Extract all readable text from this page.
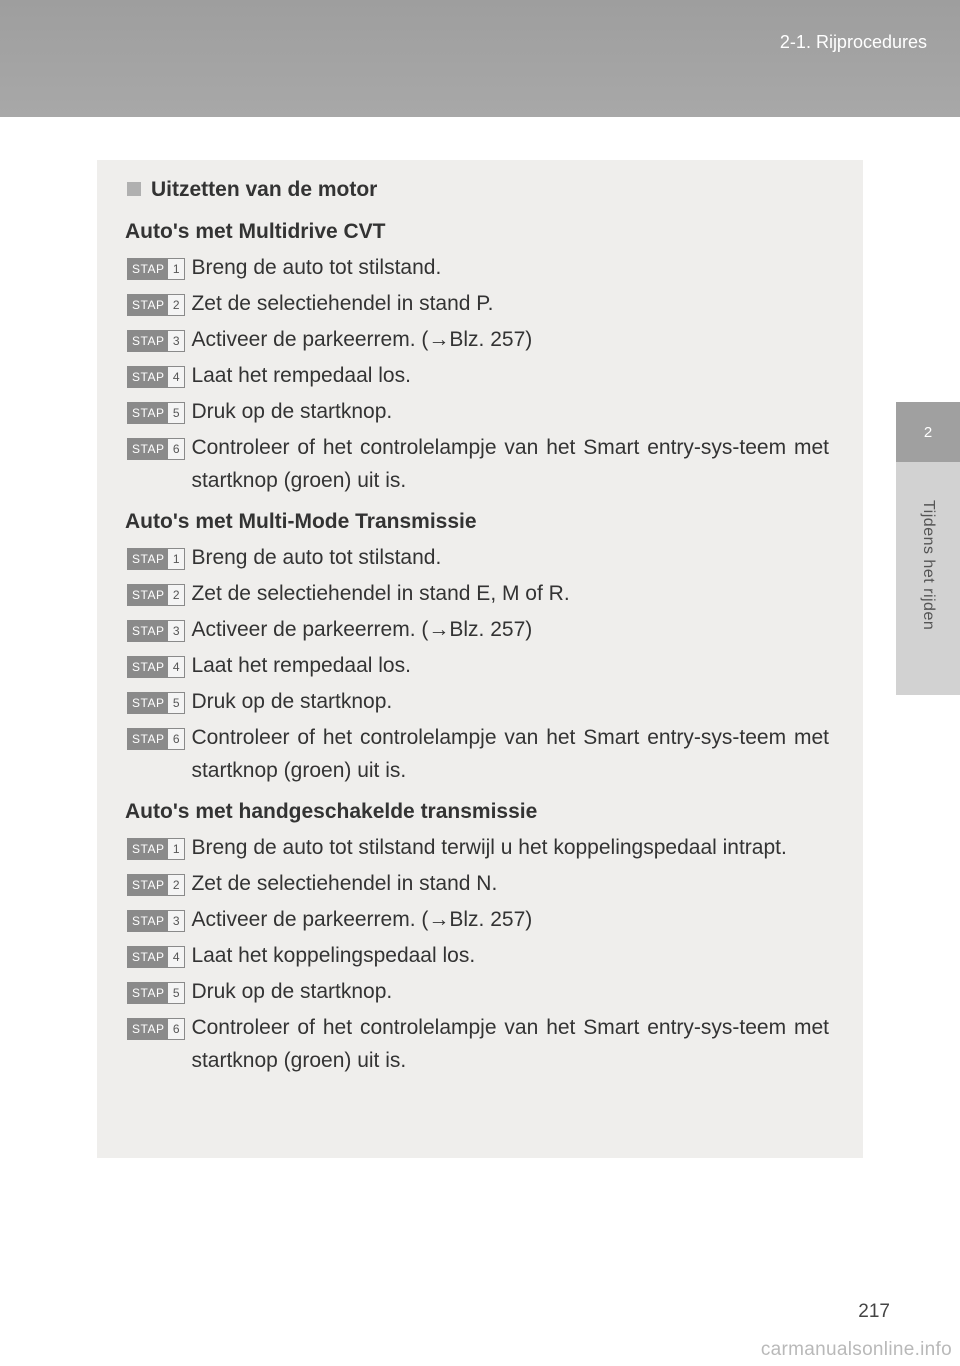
2-1. Rijprocedures
2
Tijdens het rijden
Uitzetten van de motor
Auto's met Multidrive CVT
STAP 1 Breng de auto tot stilstand.
STAP 2 Zet de selectiehendel in stand P.
STAP 3 Activeer de parkeerrem. (→Blz. 257)
STAP 4 Laat het rempedaal los.
STAP 5 Druk op de startknop.
STAP 6 Controleer of het controlelampje van het Smart entry-sys-teem met startknop (groen) uit is.
Auto's met Multi-Mode Transmissie
STAP 1 Breng de auto tot stilstand.
STAP 2 Zet de selectiehendel in stand E, M of R.
STAP 3 Activeer de parkeerrem. (→Blz. 257)
STAP 4 Laat het rempedaal los.
STAP 5 Druk op de startknop.
STAP 6 Controleer of het controlelampje van het Smart entry-sys-teem met startknop (groen) uit is.
Auto's met handgeschakelde transmissie
STAP 1 Breng de auto tot stilstand terwijl u het koppelingspedaal intrapt.
STAP 2 Zet de selectiehendel in stand N.
STAP 3 Activeer de parkeerrem. (→Blz. 257)
STAP 4 Laat het koppelingspedaal los.
STAP 5 Druk op de startknop.
STAP 6 Controleer of het controlelampje van het Smart entry-sys-teem met startknop (groen) uit is.
217
carmanualsonline.info
